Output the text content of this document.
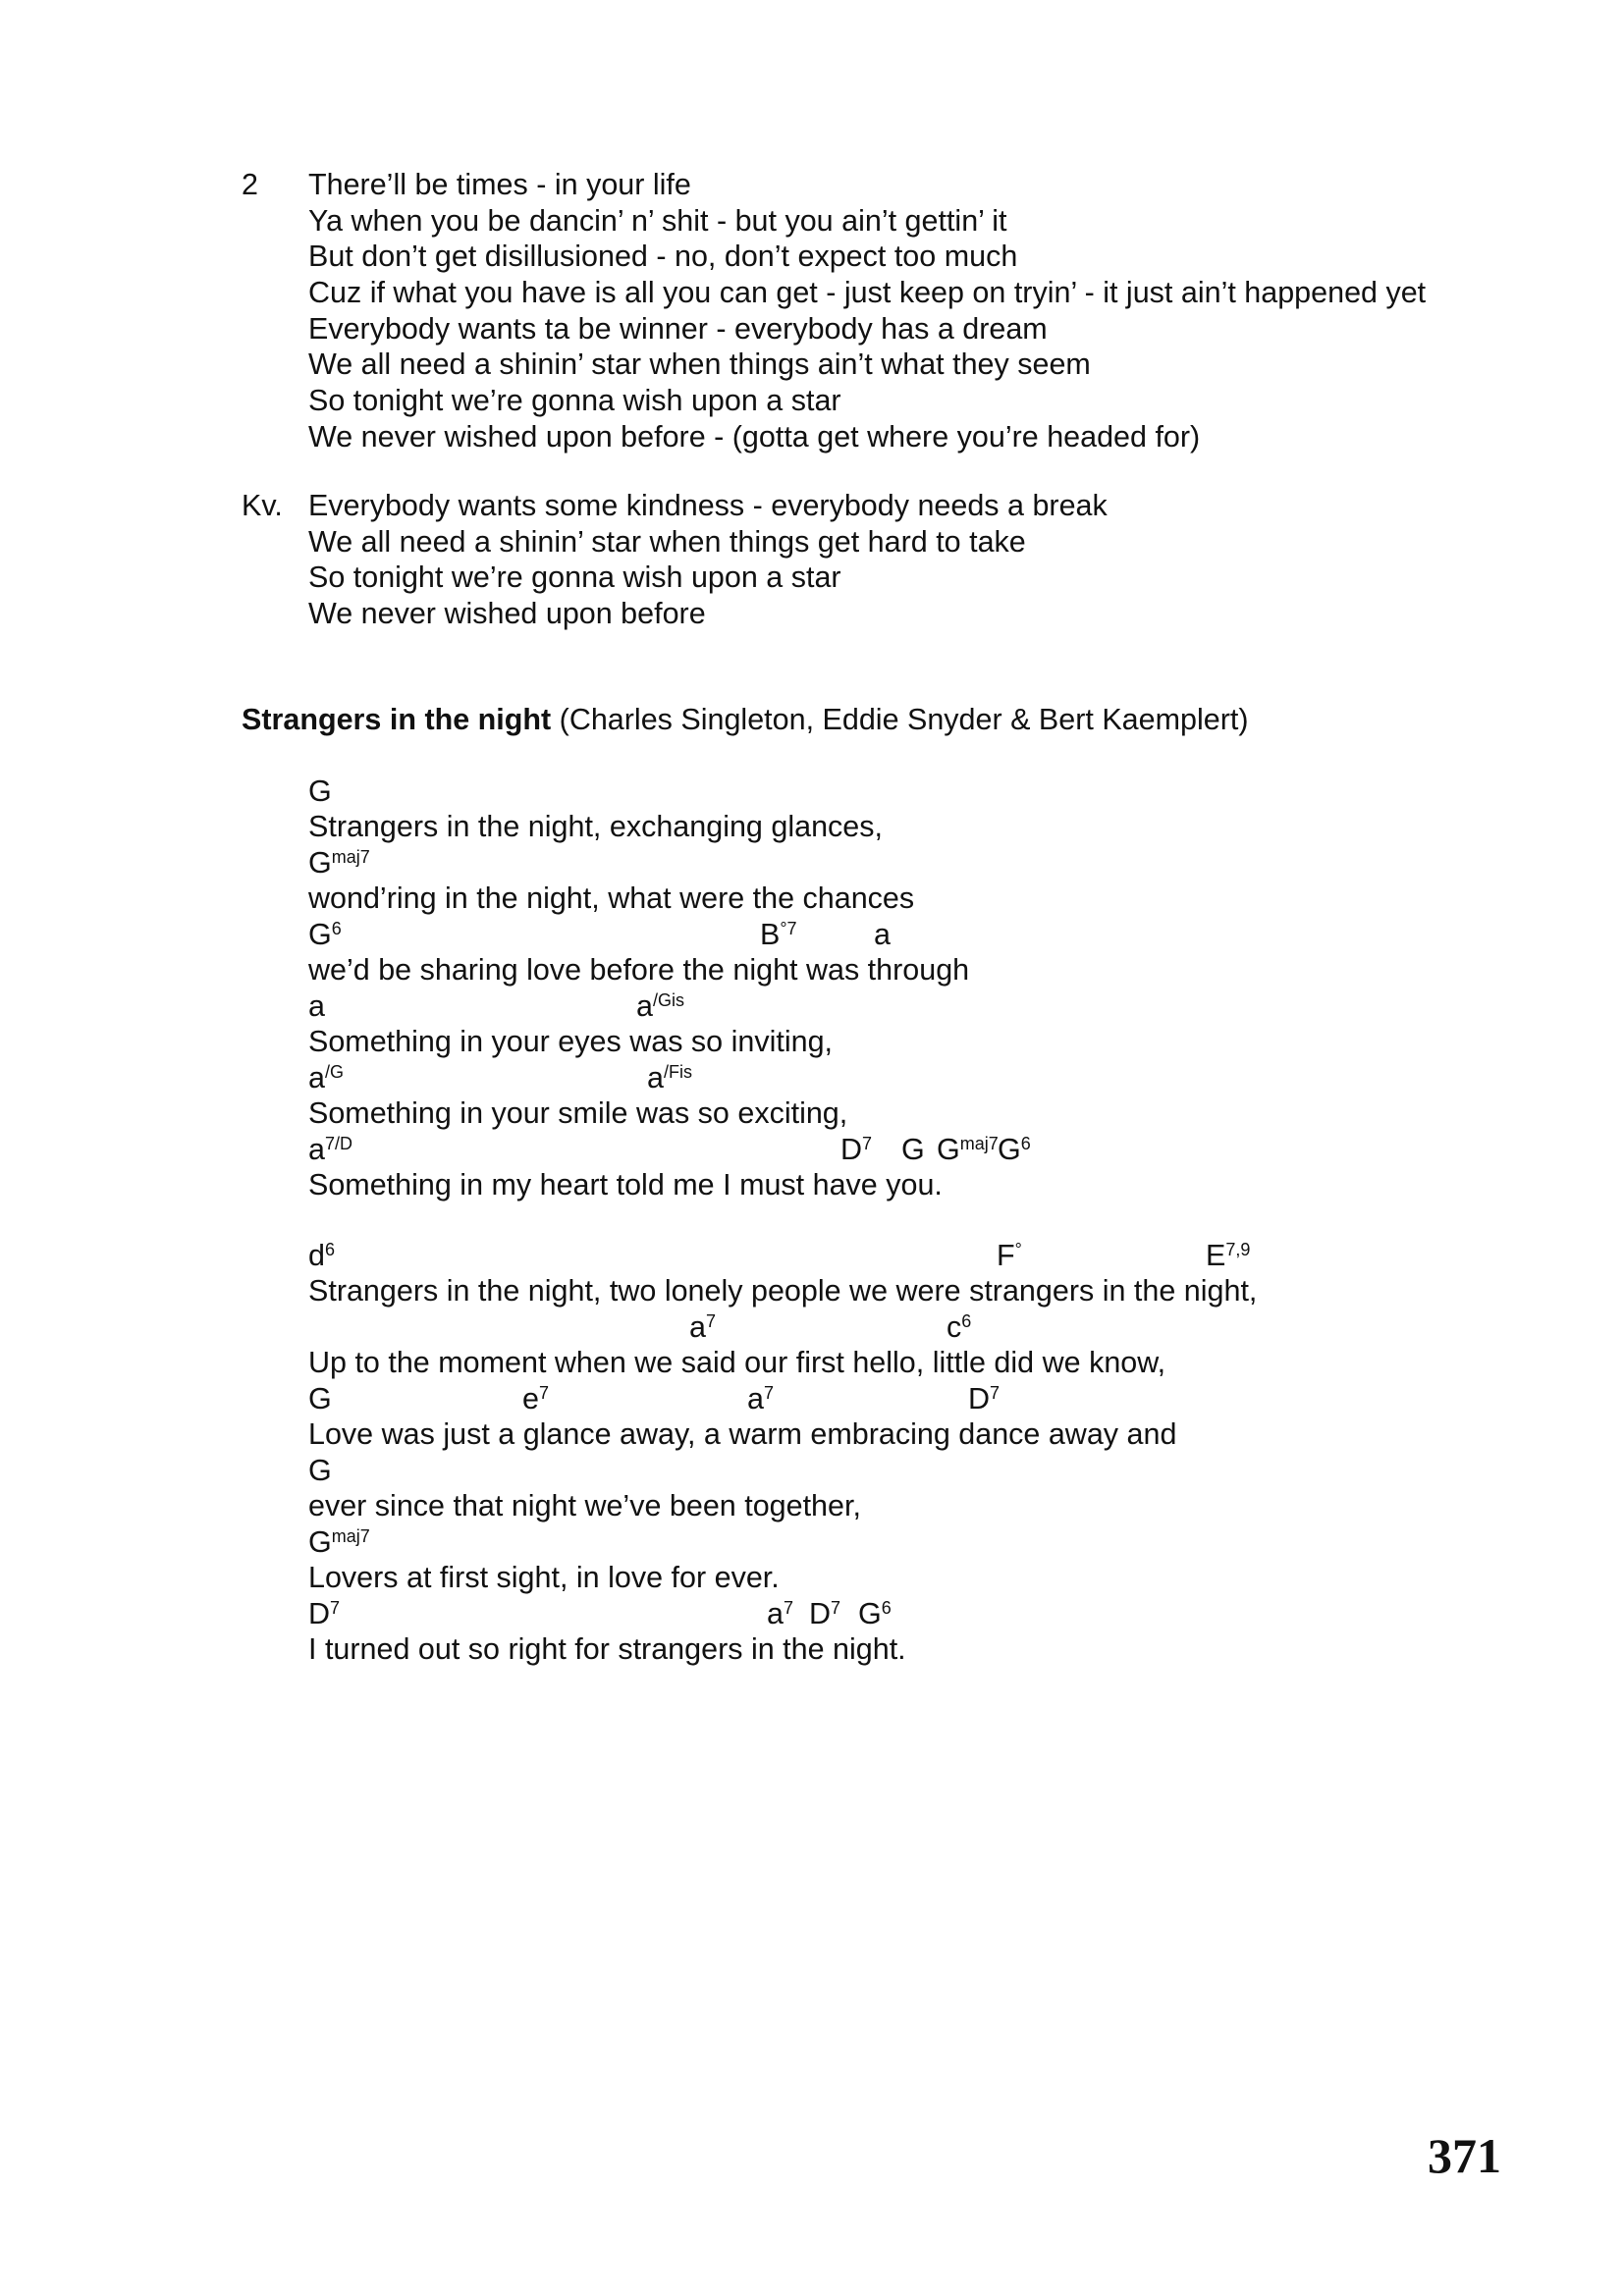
2	There’ll be times - in your life
Ya when you be dancin’ n’ shit - but you ain’t gettin’ it
But don’t get disillusioned - no, don’t expect too much
Cuz if what you have is all you can get - just keep on tryin’ - it just ain’t happened yet
Everybody wants ta be winner - everybody has a dream
We all need a shinin’ star when things ain’t what they seem
So tonight we’re gonna wish upon a star
We never wished upon before - (gotta get where you’re headed for)
Kv. Everybody wants some kindness - everybody needs a break
We all need a shinin’ star when things get hard to take
So tonight we’re gonna wish upon a star
We never wished upon before
Strangers in the night (Charles Singleton, Eddie Snyder & Bert Kaemplert)
G
Strangers in the night, exchanging glances,
$G^{maj7}$
wond’ring in the night, what were the chances
$G^6$	$B^{^\circ 7}$	a
we’d be sharing love before the night was through
a	$a^{/Gis}$
Something in your eyes was so inviting,
$a^{/G}$	$a^{/Fis}$
Something in your smile was so exciting,
$a^{7/D}$	$D^7$ G $G^{maj7}$ $G^6$
Something in my heart told me I must have you.
$d^6$	F°	E$^{7,9}$
Strangers in the night, two lonely people we were strangers in the night,
$a^7$	$c^6$
Up to the moment when we said our first hello, little did we know,
G	$e^7$	$a^7$	$D^7$
Love was just a glance away, a warm embracing dance away and
G
ever since that night we’ve been together,
$G^{maj7}$
Lovers at first sight, in love for ever.
$D^7$	$a^7$ $D^7$ $G^6$
I turned out so right for strangers in the night.
371
